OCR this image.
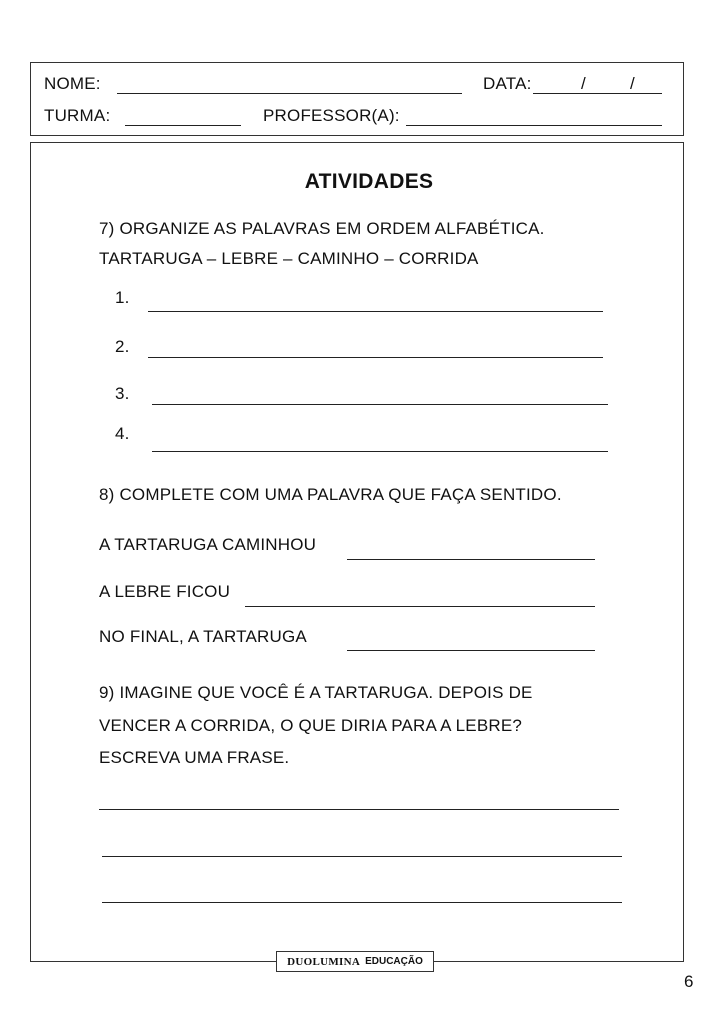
NOME:	DATA:	/	/
TURMA:	PROFESSOR(A):
ATIVIDADES
7) ORGANIZE AS PALAVRAS EM ORDEM ALFABÉTICA.
TARTARUGA – LEBRE – CAMINHO – CORRIDA
1.
2.
3.
4.
8) COMPLETE COM UMA PALAVRA QUE FAÇA SENTIDO.
A TARTARUGA CAMINHOU
A LEBRE FICOU
NO FINAL, A TARTARUGA
9) IMAGINE QUE VOCÊ É A TARTARUGA. DEPOIS DE
VENCER A CORRIDA, O QUE DIRIA PARA A LEBRE?
ESCREVA UMA FRASE.
DUOLUMINA EDUCAÇÃO
6
